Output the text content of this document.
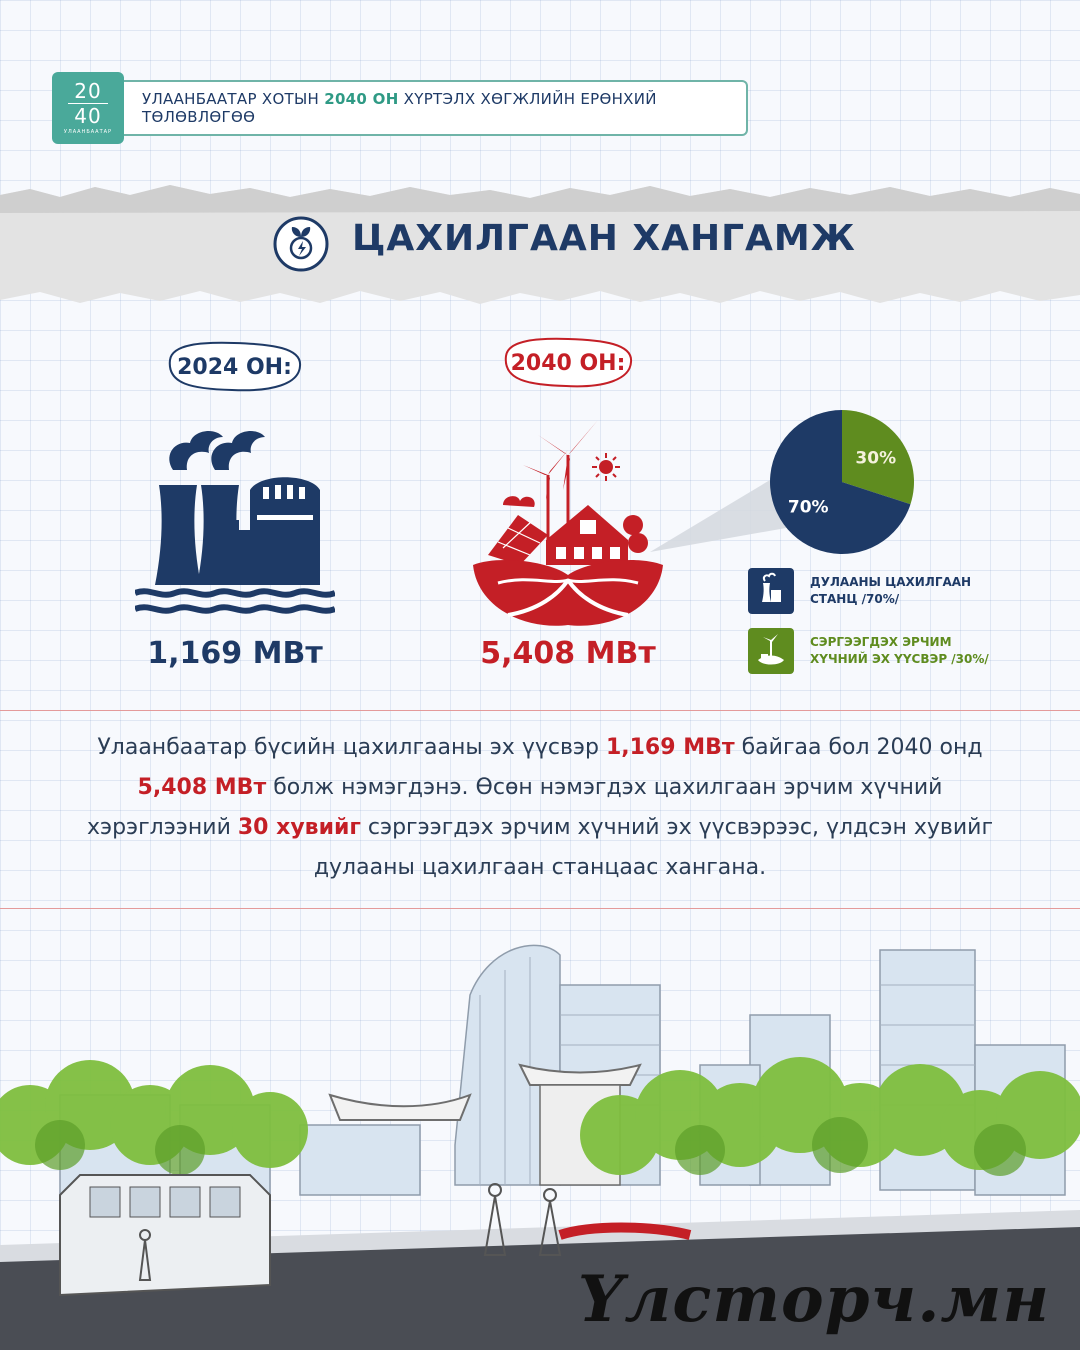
20
40
УЛААНБААТАР
УЛААНБААТАР ХОТЫН 2040 ОН ХҮРТЭЛХ ХӨГЖЛИЙН ЕРӨНХИЙ ТӨЛӨВЛӨГӨӨ
ЦАХИЛГААН ХАНГАМЖ
2024 ОН:
1,169 МВт
2040 ОН:
5,408 МВт
30%
70%
ДУЛААНЫ ЦАХИЛГААН
СТАНЦ /70%/
СЭРГЭЭГДЭХ ЭРЧИМ
ХҮЧНИЙ ЭХ ҮҮСВЭР /30%/
Улаанбаатар бүсийн цахилгааны эх үүсвэр 1,169 МВт байгаа бол 2040 онд 5,408 МВт болж нэмэгдэнэ. Өсөн нэмэгдэх цахилгаан эрчим хүчний хэрэглээний 30 хувийг сэргээгдэх эрчим хүчний эх үүсвэрээс, үлдсэн хувийг дулааны цахилгаан станцаас хангана.
Үлсторч.мн
